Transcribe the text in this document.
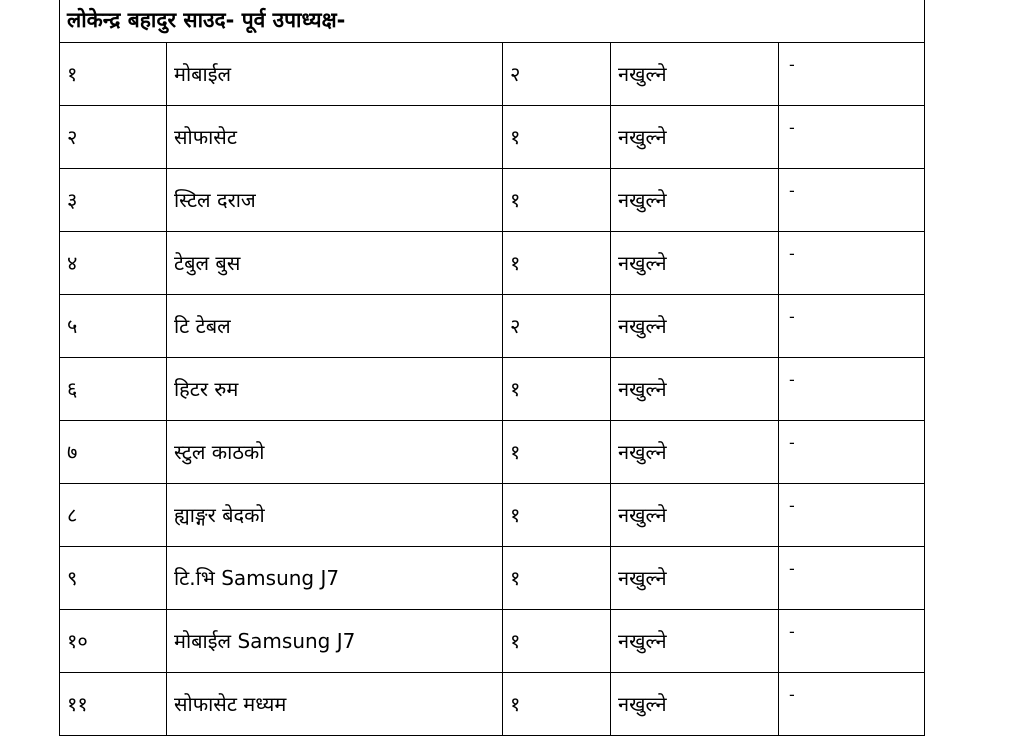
लोकेन्द्र बहादुर साउद- पूर्व उपाध्यक्ष-				
१	मोबाईल	२	नखुल्ने	-
२	सोफासेट	१	नखुल्ने	-
३	स्टिल दराज	१	नखुल्ने	-
४	टेबुल बुस	१	नखुल्ने	-
५	टि टेबल	२	नखुल्ने	-
६	हिटर रुम	१	नखुल्ने	-
७	स्टुल काठको	१	नखुल्ने	-
८	ह्याङ्गर बेदको	१	नखुल्ने	-
९	टि.भि Samsung J7	१	नखुल्ने	-
१०	मोबाईल Samsung J7	१	नखुल्ने	-
११	सोफासेट मध्यम	१	नखुल्ने	-
